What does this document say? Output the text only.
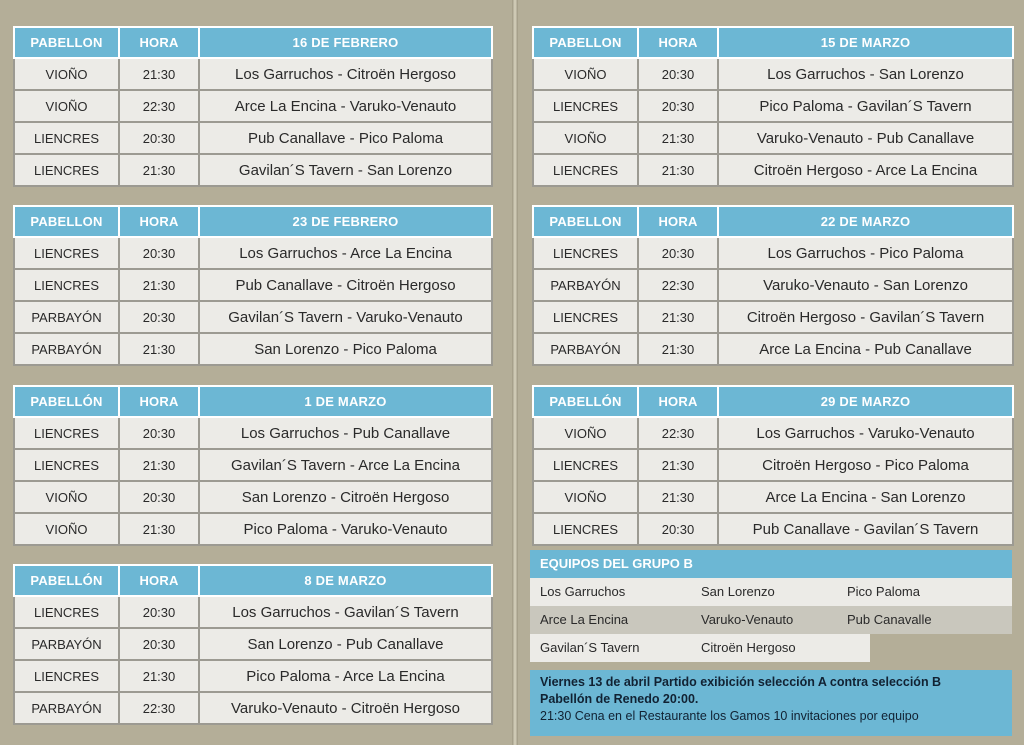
PABELLON	HORA	16 DE FEBRERO
VIOÑO	21:30	Los Garruchos - Citroën Hergoso
VIOÑO	22:30	Arce La Encina - Varuko-Venauto
LIENCRES	20:30	Pub Canallave - Pico Paloma
LIENCRES	21:30	Gavilan´S Tavern - San Lorenzo
PABELLON	HORA	23 DE FEBRERO
LIENCRES	20:30	Los Garruchos - Arce La Encina
LIENCRES	21:30	Pub Canallave - Citroën Hergoso
PARBAYÓN	20:30	Gavilan´S Tavern - Varuko-Venauto
PARBAYÓN	21:30	San Lorenzo - Pico Paloma
PABELLÓN	HORA	1 DE MARZO
LIENCRES	20:30	Los Garruchos - Pub Canallave
LIENCRES	21:30	Gavilan´S Tavern - Arce La Encina
VIOÑO	20:30	San Lorenzo - Citroën Hergoso
VIOÑO	21:30	Pico Paloma - Varuko-Venauto
PABELLÓN	HORA	8 DE MARZO
LIENCRES	20:30	Los Garruchos - Gavilan´S Tavern
PARBAYÓN	20:30	San Lorenzo - Pub Canallave
LIENCRES	21:30	Pico Paloma - Arce La Encina
PARBAYÓN	22:30	Varuko-Venauto - Citroën Hergoso
PABELLON	HORA	15 DE MARZO
VIOÑO	20:30	Los Garruchos - San Lorenzo
LIENCRES	20:30	Pico Paloma - Gavilan´S Tavern
VIOÑO	21:30	Varuko-Venauto - Pub Canallave
LIENCRES	21:30	Citroën Hergoso - Arce La Encina
PABELLON	HORA	22 DE MARZO
LIENCRES	20:30	Los Garruchos - Pico Paloma
PARBAYÓN	22:30	Varuko-Venauto - San Lorenzo
LIENCRES	21:30	Citroën Hergoso - Gavilan´S Tavern
PARBAYÓN	21:30	Arce La Encina - Pub Canallave
PABELLÓN	HORA	29 DE MARZO
VIOÑO	22:30	Los Garruchos - Varuko-Venauto
LIENCRES	21:30	Citroën Hergoso - Pico Paloma
VIOÑO	21:30	Arce La Encina - San Lorenzo
LIENCRES	20:30	Pub Canallave - Gavilan´S Tavern
EQUIPOS DEL GRUPO B
Los Garruchos	San Lorenzo	Pico Paloma
Arce La Encina	Varuko-Venauto	Pub Canavalle
Gavilan´S Tavern	Citroën Hergoso
Viernes 13 de abril Partido exibición selección A contra selección B
Pabellón de Renedo 20:00.
21:30 Cena en el Restaurante los Gamos 10 invitaciones por equipo
